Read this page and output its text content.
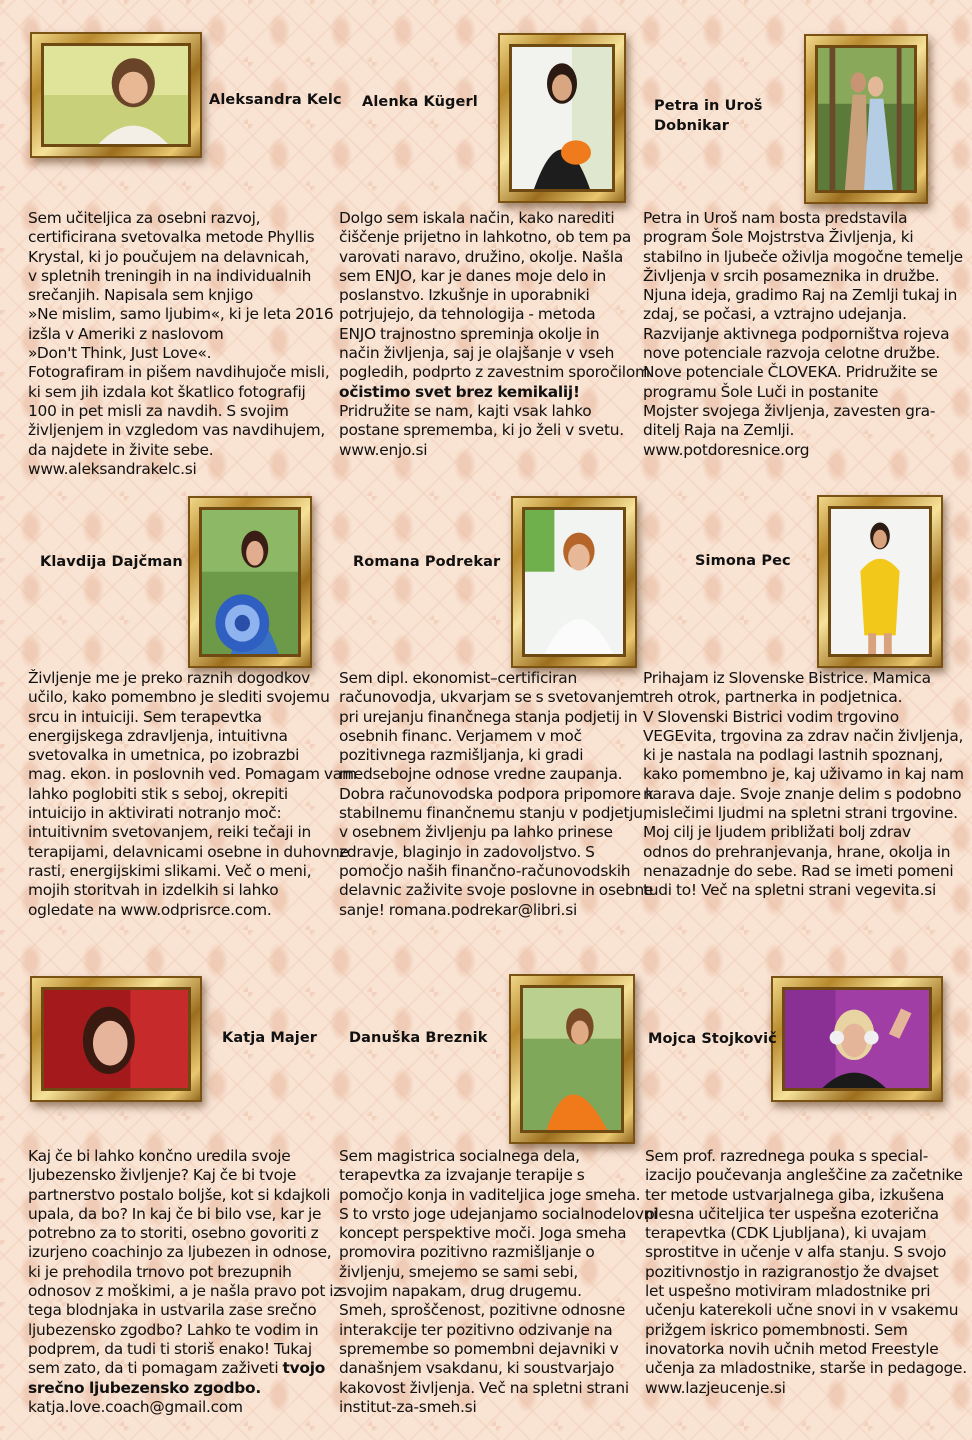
Aleksandra Kelc Alenka Kügerl	Petra in Uroš
Dobnikar
Sem učiteljica za osebni razvoj,
certificirana svetovalka metode Phyllis
Krystal, ki jo poučujem na delavnicah,
v spletnih treningih in na individualnih
srečanjih. Napisala sem knjigo
»Ne mislim, samo ljubim«, ki je leta 2016
izšla v Ameriki z naslovom
»Don't Think, Just Love«.
Fotografiram in pišem navdihujoče misli,
ki sem jih izdala kot škatlico fotografij
100 in pet misli za navdih. S svojim
življenjem in vzgledom vas navdihujem,
da najdete in živite sebe.
www.aleksandrakelc.si
Dolgo sem iskala način, kako narediti
čiščenje prijetno in lahkotno, ob tem pa
varovati naravo, družino, okolje. Našla
sem ENJO, kar je danes moje delo in
poslanstvo. Izkušnje in uporabniki
potrjujejo, da tehnologija - metoda
ENJO trajnostno spreminja okolje in
način življenja, saj je olajšanje v vseh
pogledih, podprto z zavestnim sporočilom
očistimo svet brez kemikalij!
Pridružite se nam, kajti vsak lahko
postane sprememba, ki jo želi v svetu.
www.enjo.si
Petra in Uroš nam bosta predstavila
program Šole Mojstrstva Življenja, ki
stabilno in ljubeče oživlja mogočne temelje
Življenja v srcih posameznika in družbe.
Njuna ideja, gradimo Raj na Zemlji tukaj in
zdaj, se počasi, a vztrajno udejanja.
Razvijanje aktivnega podporništva rojeva
nove potenciale razvoja celotne družbe.
Nove potenciale ČLOVEKA. Pridružite se
programu Šole Luči in postanite
Mojster svojega življenja, zavesten gra-
ditelj Raja na Zemlji.
www.potdoresnice.org
Klavdija Dajčman	Romana Podrekar	Simona Pec
Življenje me je preko raznih dogodkov
učilo, kako pomembno je slediti svojemu
srcu in intuiciji. Sem terapevtka
energijskega zdravljenja, intuitivna
svetovalka in umetnica, po izobrazbi
mag. ekon. in poslovnih ved. Pomagam vam
lahko poglobiti stik s seboj, okrepiti
intuicijo in aktivirati notranjo moč:
intuitivnim svetovanjem, reiki tečaji in
terapijami, delavnicami osebne in duhovne
rasti, energijskimi slikami. Več o meni,
mojih storitvah in izdelkih si lahko
ogledate na www.odprisrce.com.
Sem dipl. ekonomist–certificiran
računovodja, ukvarjam se s svetovanjem
pri urejanju finančnega stanja podjetij in
osebnih financ. Verjamem v moč
pozitivnega razmišljanja, ki gradi
medsebojne odnose vredne zaupanja.
Dobra računovodska podpora pripomore k
stabilnemu finančnemu stanju v podjetju,
v osebnem življenju pa lahko prinese
zdravje, blaginjo in zadovoljstvo. S
pomočjo naših finančno-računovodskih
delavnic zaživite svoje poslovne in osebne
sanje! romana.podrekar@libri.si
Prihajam iz Slovenske Bistrice. Mamica
treh otrok, partnerka in podjetnica.
V Slovenski Bistrici vodim trgovino
VEGEvita, trgovina za zdrav način življenja,
ki je nastala na podlagi lastnih spoznanj,
kako pomembno je, kaj uživamo in kaj nam
narava daje. Svoje znanje delim s podobno
mislečimi ljudmi na spletni strani trgovine.
Moj cilj je ljudem približati bolj zdrav
odnos do prehranjevanja, hrane, okolja in
nenazadnje do sebe. Rad se imeti pomeni
tudi to! Več na spletni strani vegevita.si
Katja Majer Danuška Breznik	Mojca Stojkovič
Kaj če bi lahko končno uredila svoje
ljubezensko življenje? Kaj če bi tvoje
partnerstvo postalo boljše, kot si kdajkoli
upala, da bo? In kaj če bi bilo vse, kar je
potrebno za to storiti, osebno govoriti z
izurjeno coachinjo za ljubezen in odnose,
ki je prehodila trnovo pot brezupnih
odnosov z moškimi, a je našla pravo pot iz
tega blodnjaka in ustvarila zase srečno
ljubezensko zgodbo? Lahko te vodim in
podprem, da tudi ti storiš enako! Tukaj
sem zato, da ti pomagam zaživeti tvojo
srečno ljubezensko zgodbo.
katja.love.coach@gmail.com
Sem magistrica socialnega dela,
terapevtka za izvajanje terapije s
pomočjo konja in vaditeljica joge smeha.
S to vrsto joge udejanjamo socialnodelovni
koncept perspektive moči. Joga smeha
promovira pozitivno razmišljanje o
življenju, smejemo se sami sebi,
svojim napakam, drug drugemu.
Smeh, sproščenost, pozitivne odnosne
interakcije ter pozitivno odzivanje na
spremembe so pomembni dejavniki v
današnjem vsakdanu, ki soustvarjajo
kakovost življenja. Več na spletni strani
institut-za-smeh.si
Sem prof. razrednega pouka s special-
izacijo poučevanja angleščine za začetnike
ter metode ustvarjalnega giba, izkušena
plesna učiteljica ter uspešna ezoterična
terapevtka (CDK Ljubljana), ki uvajam
sprostitve in učenje v alfa stanju. S svojo
pozitivnostjo in razigranostjo že dvajset
let uspešno motiviram mladostnike pri
učenju katerekoli učne snovi in v vsakemu
prižgem iskrico pomembnosti. Sem
inovatorka novih učnih metod Freestyle
učenja za mladostnike, starše in pedagoge.
www.lazjeucenje.si
